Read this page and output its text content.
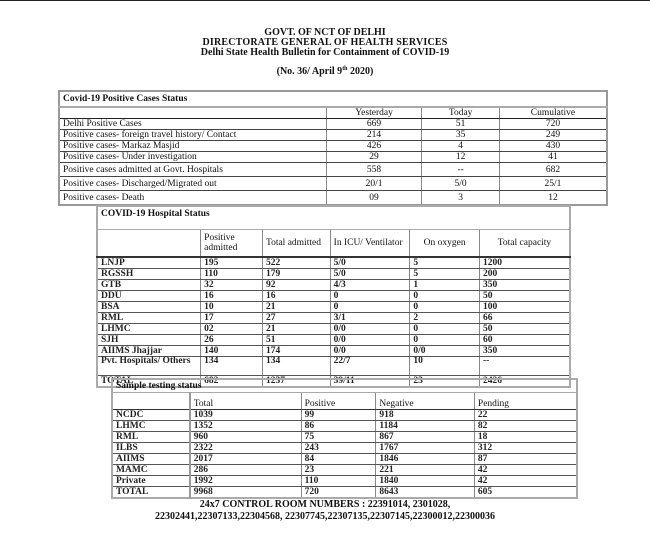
GOVT. OF NCT OF DELHI
DIRECTORATE GENERAL OF HEALTH SERVICES
Delhi State Health Bulletin for Containment of COVID-19
(No. 36/ April 9th 2020)
Covid-19 Positive Cases Status			
	Yesterday	Today	Cumulative
Delhi Positive Cases	669	51	720
Positive cases- foreign travel history/ Contact	214	35	249
Positive cases- Markaz Masjid	426	4	430
Positive cases- Under investigation	29	12	41
Positive cases admitted at Govt. Hospitals	558	--	682
Positive cases- Discharged/Migrated out	20/1	5/0	25/1
Positive cases- Death	09	3	12
COVID-19 Hospital Status					
	Positive admitted	Total admitted	In ICU/ Ventilator	On oxygen	Total capacity
LNJP	195	522	5/0	5	1200
RGSSH	110	179	5/0	5	200
GTB	32	92	4/3	1	350
DDU	16	16	0	0	50
BSA	10	21	0	0	100
RML	17	27	3/1	2	66
LHMC	02	21	0/0	0	50
SJH	26	51	0/0	0	60
AIIMS Jhajjar	140	174	0/0	0/0	350
Pvt. Hospitals/ Others	134	134	22/7	10	--
TOTAL	682	1237	39/11	23	2426
Sample testing status				
	Total	Positive	Negative	Pending
NCDC	1039	99	918	22
LHMC	1352	86	1184	82
RML	960	75	867	18
ILBS	2322	243	1767	312
AIIMS	2017	84	1846	87
MAMC	286	23	221	42
Private	1992	110	1840	42
TOTAL	9968	720	8643	605
24x7 CONTROL ROOM NUMBERS : 22391014, 2301028,
22302441,22307133,22304568, 22307745,22307135,22307145,22300012,22300036
